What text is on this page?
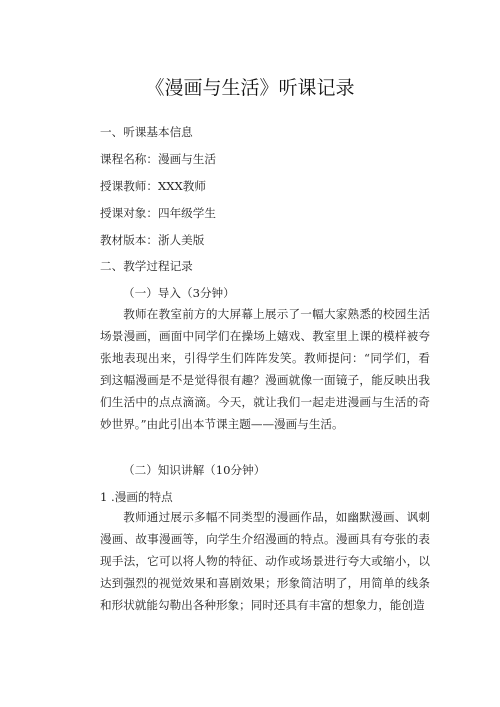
《漫画与生活》听课记录
一、听课基本信息
课程名称：漫画与生活
授课教师：XXX教师
授课对象：四年级学生
教材版本：浙人美版
二、教学过程记录
（一）导入（3分钟）
教师在教室前方的大屏幕上展示了一幅大家熟悉的校园生活场景漫画，画面中同学们在操场上嬉戏、教室里上课的模样被夸张地表现出来，引得学生们阵阵发笑。教师提问：“同学们，看到这幅漫画是不是觉得很有趣？漫画就像一面镜子，能反映出我们生活中的点点滴滴。今天，就让我们一起走进漫画与生活的奇妙世界。”由此引出本节课主题——漫画与生活。
（二）知识讲解（10分钟）
1 .漫画的特点
教师通过展示多幅不同类型的漫画作品，如幽默漫画、讽刺漫画、故事漫画等，向学生介绍漫画的特点。漫画具有夸张的表现手法，它可以将人物的特征、动作或场景进行夸大或缩小，以达到强烈的视觉效果和喜剧效果；形象简洁明了，用简单的线条和形状就能勾勒出各种形象；同时还具有丰富的想象力，能创造
